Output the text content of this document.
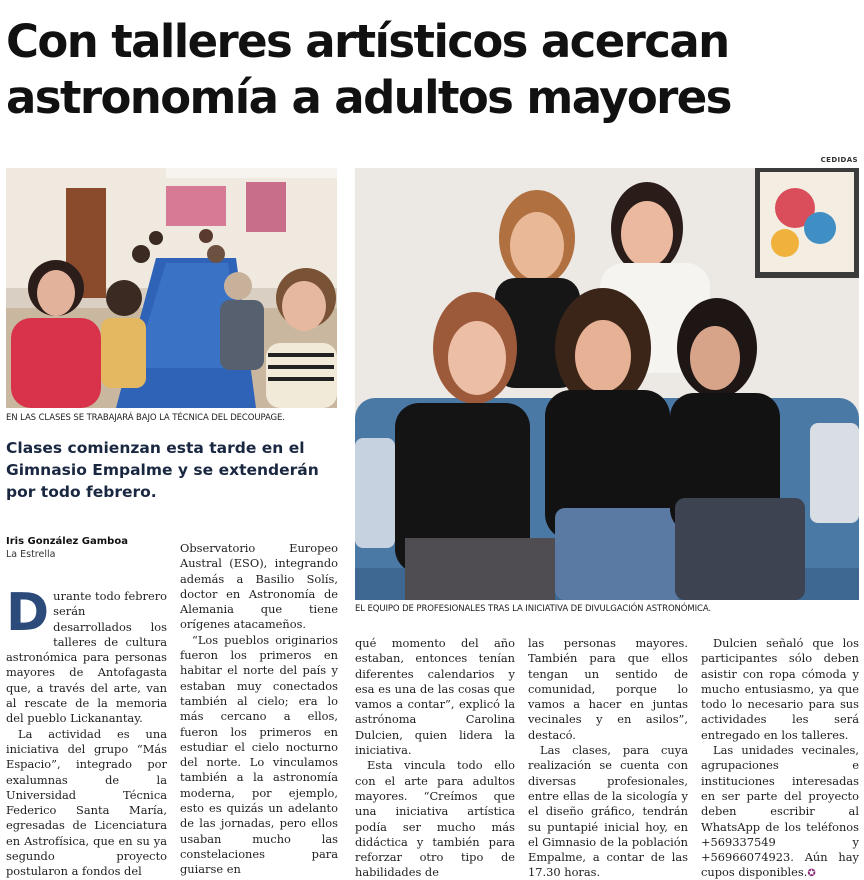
Con talleres artísticos acercan astronomía a adultos mayores
CEDIDAS
EN LAS CLASES SE TRABAJARÁ BAJO LA TÉCNICA DEL DECOUPAGE.
EL EQUIPO DE PROFESIONALES TRAS LA INICIATIVA DE DIVULGACIÓN ASTRONÓMICA.
Clases comienzan esta tarde en el Gimnasio Empalme y se extenderán por todo febrero.
Iris González Gamboa
La Estrella
D urante todo febrero serán desarrollados los talleres de cultura astronómica para personas mayores de Antofagasta que, a través del arte, van al rescate de la memoria del pueblo Lickanantay.
La actividad es una iniciativa del grupo “Más Espacio”, integrado por exalumnas de la Universidad Técnica Federico Santa María, egresadas de Licenciatura en Astrofísica, que en su ya segundo proyecto postularon a fondos del
Observatorio Europeo Austral (ESO), integrando además a Basilio Solís, doctor en Astronomía de Alemania que tiene orígenes atacameños.
“Los pueblos originarios fueron los primeros en habitar el norte del país y estaban muy conectados también al cielo; era lo más cercano a ellos, fueron los primeros en estudiar el cielo nocturno del norte. Lo vinculamos también a la astronomía moderna, por ejemplo, esto es quizás un adelanto de las jornadas, pero ellos usaban mucho las constelaciones para guiarse en
qué momento del año estaban, entonces tenían diferentes calendarios y esa es una de las cosas que vamos a contar”, explicó la astrónoma Carolina Dulcien, quien lidera la iniciativa.
Esta vincula todo ello con el arte para adultos mayores. “Creímos que una iniciativa artística podía ser mucho más didáctica y también para reforzar otro tipo de habilidades de
las personas mayores. También para que ellos tengan un sentido de comunidad, porque lo vamos a hacer en juntas vecinales y en asilos”, destacó.
Las clases, para cuya realización se cuenta con diversas profesionales, entre ellas de la sicología y el diseño gráfico, tendrán su puntapié inicial hoy, en el Gimnasio de la población Empalme, a contar de las 17.30 horas.
Dulcien señaló que los participantes sólo deben asistir con ropa cómoda y mucho entusiasmo, ya que todo lo necesario para sus actividades les será entregado en los talleres.
Las unidades vecinales, agrupaciones e instituciones interesadas en ser parte del proyecto deben escribir al WhatsApp de los teléfonos +569337549 y +56966074923. Aún hay cupos disponibles.✪
